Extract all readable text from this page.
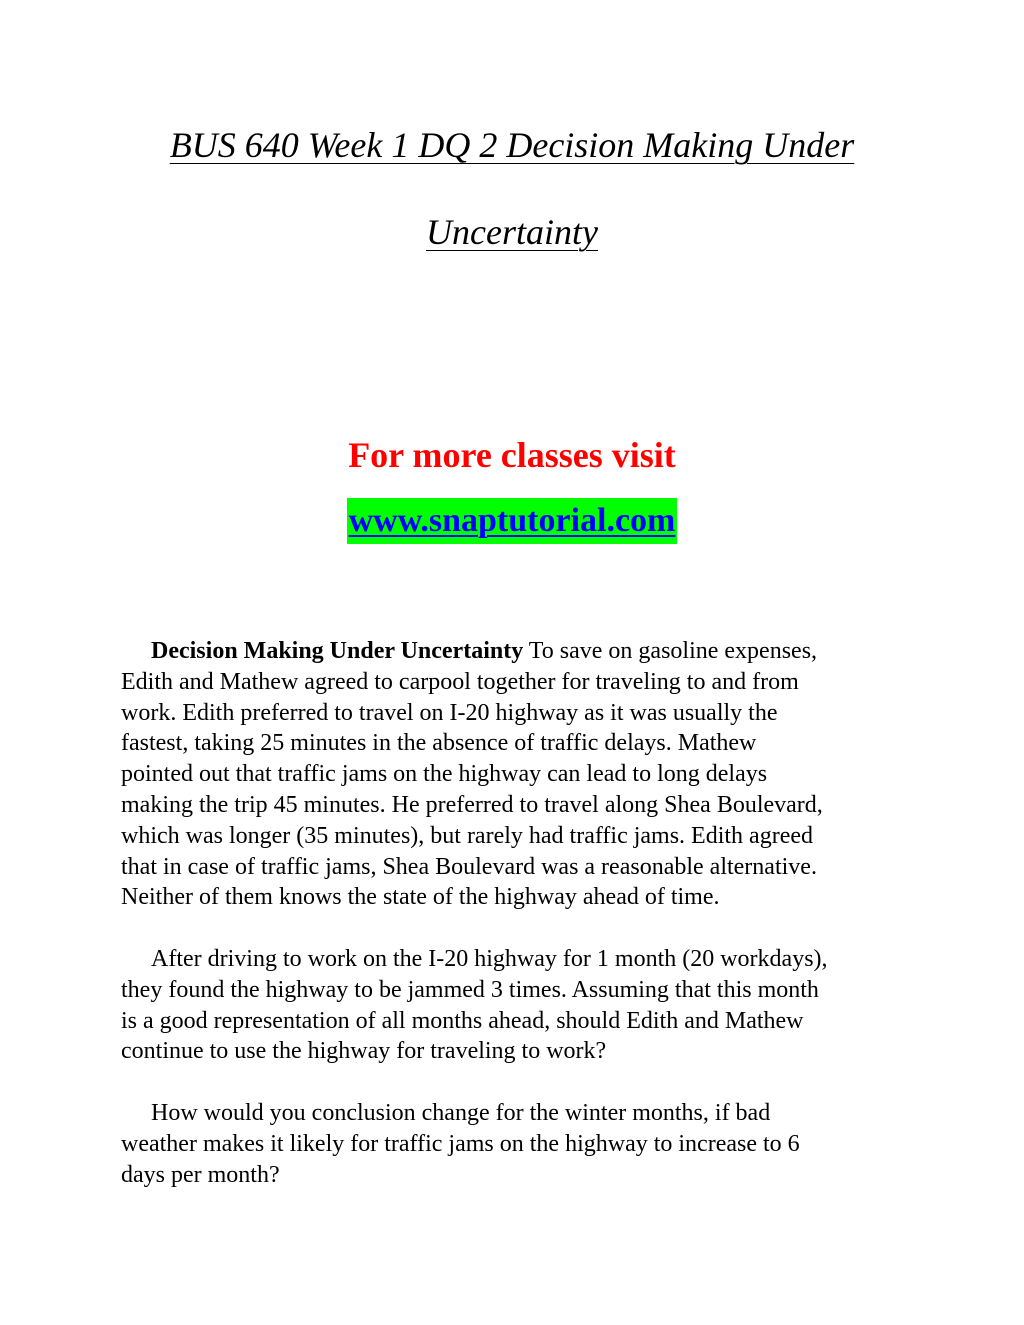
BUS 640 Week 1 DQ 2 Decision Making Under
Uncertainty
For more classes visit
www.snaptutorial.com

Decision Making Under Uncertainty To save on gasoline expenses,
Edith and Mathew agreed to carpool together for traveling to and from
work. Edith preferred to travel on I-20 highway as it was usually the
fastest, taking 25 minutes in the absence of traffic delays. Mathew
pointed out that traffic jams on the highway can lead to long delays
making the trip 45 minutes. He preferred to travel along Shea Boulevard,
which was longer (35 minutes), but rarely had traffic jams. Edith agreed
that in case of traffic jams, Shea Boulevard was a reasonable alternative.
Neither of them knows the state of the highway ahead of time.

After driving to work on the I-20 highway for 1 month (20 workdays),
they found the highway to be jammed 3 times. Assuming that this month
is a good representation of all months ahead, should Edith and Mathew
continue to use the highway for traveling to work?

How would you conclusion change for the winter months, if bad
weather makes it likely for traffic jams on the highway to increase to 6
days per month?
